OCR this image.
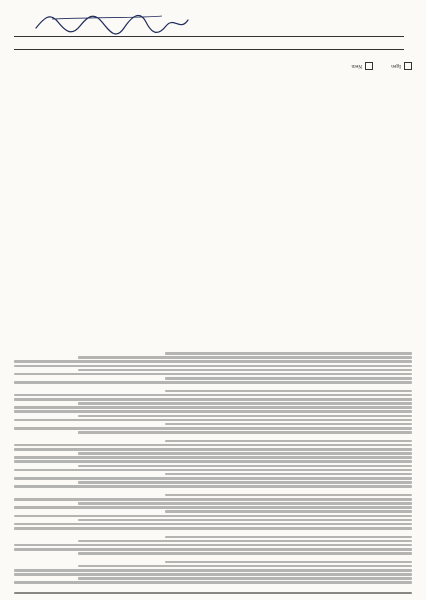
Igen
Nem
